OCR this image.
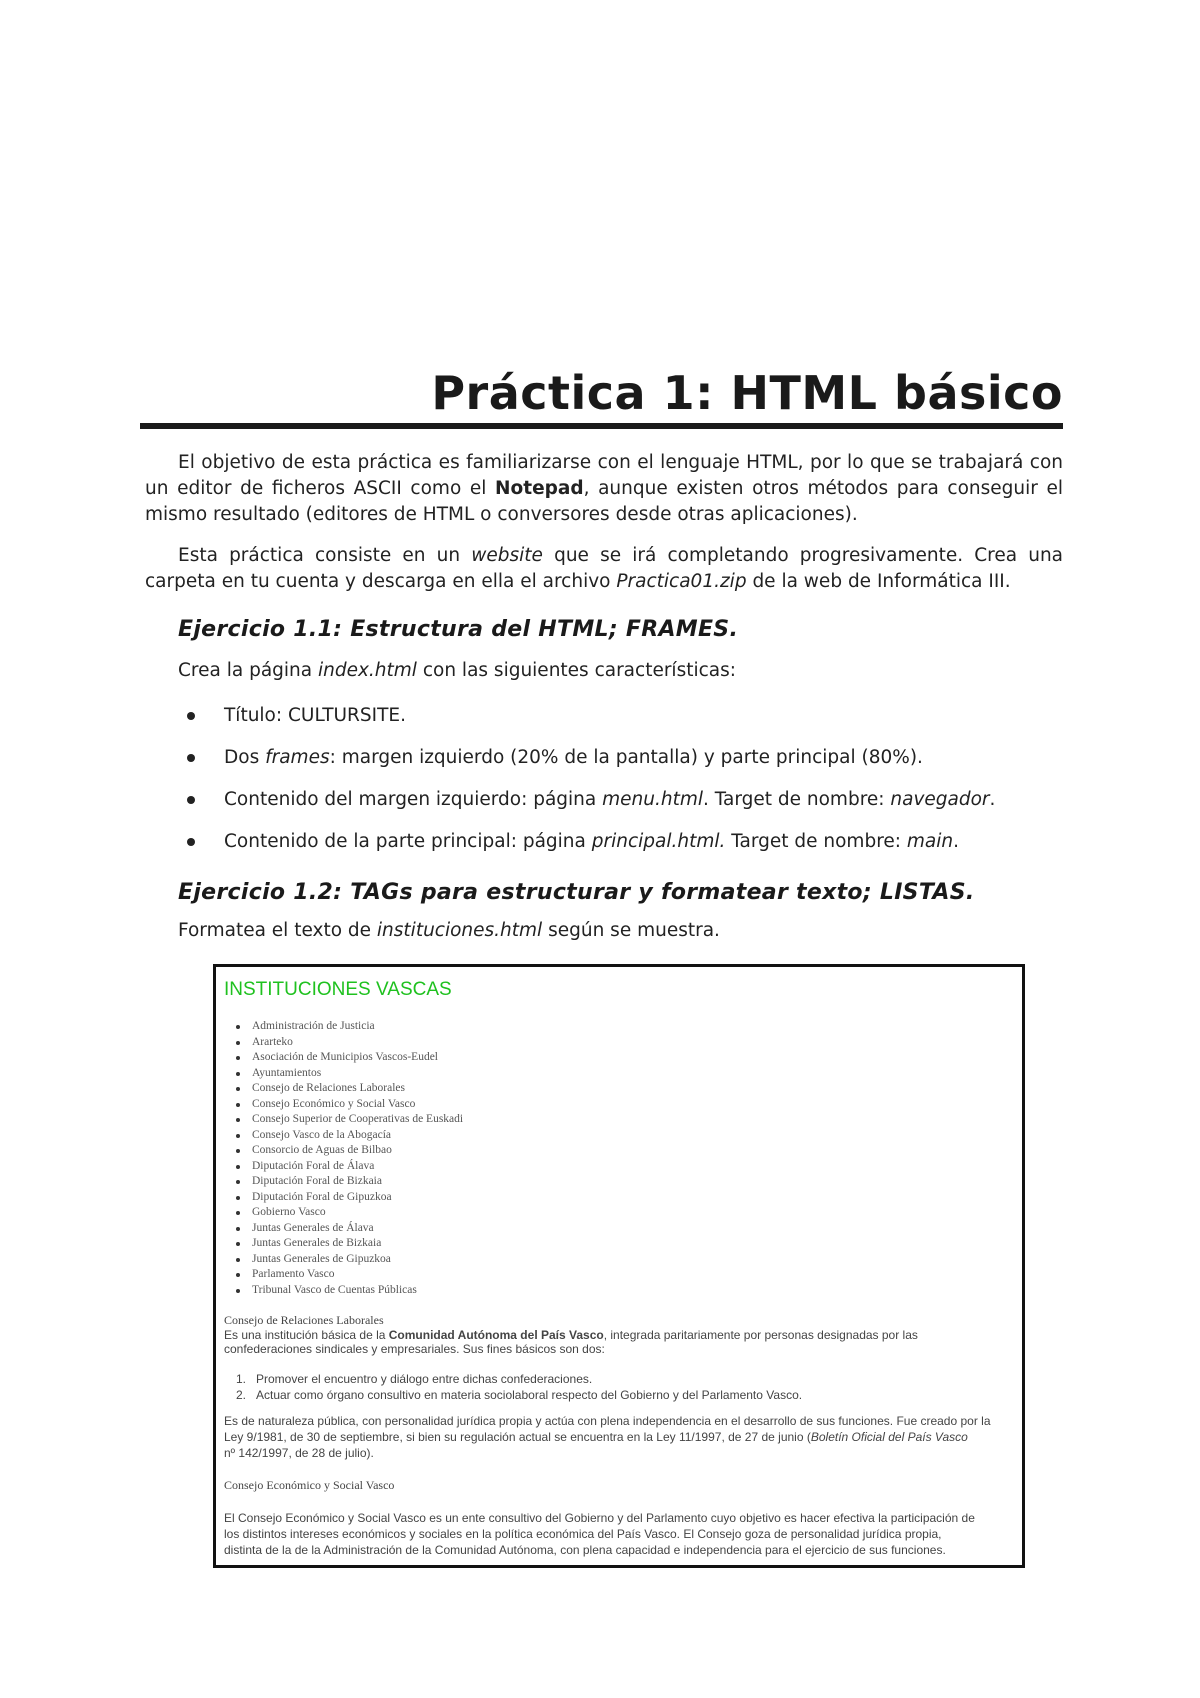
Práctica 1: HTML básico
El objetivo de esta práctica es familiarizarse con el lenguaje HTML, por lo que se trabajará con un editor de ficheros ASCII como el Notepad, aunque existen otros métodos para conseguir el mismo resultado (editores de HTML o conversores desde otras aplicaciones).
Esta práctica consiste en un website que se irá completando progresivamente. Crea una carpeta en tu cuenta y descarga en ella el archivo Practica01.zip de la web de Informática III.
Ejercicio 1.1: Estructura del HTML; FRAMES.
Crea la página index.html con las siguientes características:
Título: CULTURSITE.
Dos frames: margen izquierdo (20% de la pantalla) y parte principal (80%).
Contenido del margen izquierdo: página menu.html. Target de nombre: navegador.
Contenido de la parte principal: página principal.html. Target de nombre: main.
Ejercicio 1.2: TAGs para estructurar y formatear texto; LISTAS.
Formatea el texto de instituciones.html según se muestra.
INSTITUCIONES VASCAS
Administración de Justicia
Ararteko
Asociación de Municipios Vascos-Eudel
Ayuntamientos
Consejo de Relaciones Laborales
Consejo Económico y Social Vasco
Consejo Superior de Cooperativas de Euskadi
Consejo Vasco de la Abogacía
Consorcio de Aguas de Bilbao
Diputación Foral de Álava
Diputación Foral de Bizkaia
Diputación Foral de Gipuzkoa
Gobierno Vasco
Juntas Generales de Álava
Juntas Generales de Bizkaia
Juntas Generales de Gipuzkoa
Parlamento Vasco
Tribunal Vasco de Cuentas Públicas
Consejo de Relaciones Laborales
Es una institución básica de la Comunidad Autónoma del País Vasco, integrada paritariamente por personas designadas por las
confederaciones sindicales y empresariales. Sus fines básicos son dos:
1. Promover el encuentro y diálogo entre dichas confederaciones.
2. Actuar como órgano consultivo en materia sociolaboral respecto del Gobierno y del Parlamento Vasco.
Es de naturaleza pública, con personalidad jurídica propia y actúa con plena independencia en el desarrollo de sus funciones. Fue creado por la
Ley 9/1981, de 30 de septiembre, si bien su regulación actual se encuentra en la Ley 11/1997, de 27 de junio (Boletín Oficial del País Vasco
nº 142/1997, de 28 de julio).
Consejo Económico y Social Vasco
El Consejo Económico y Social Vasco es un ente consultivo del Gobierno y del Parlamento cuyo objetivo es hacer efectiva la participación de
los distintos intereses económicos y sociales en la política económica del País Vasco. El Consejo goza de personalidad jurídica propia,
distinta de la de la Administración de la Comunidad Autónoma, con plena capacidad e independencia para el ejercicio de sus funciones.
